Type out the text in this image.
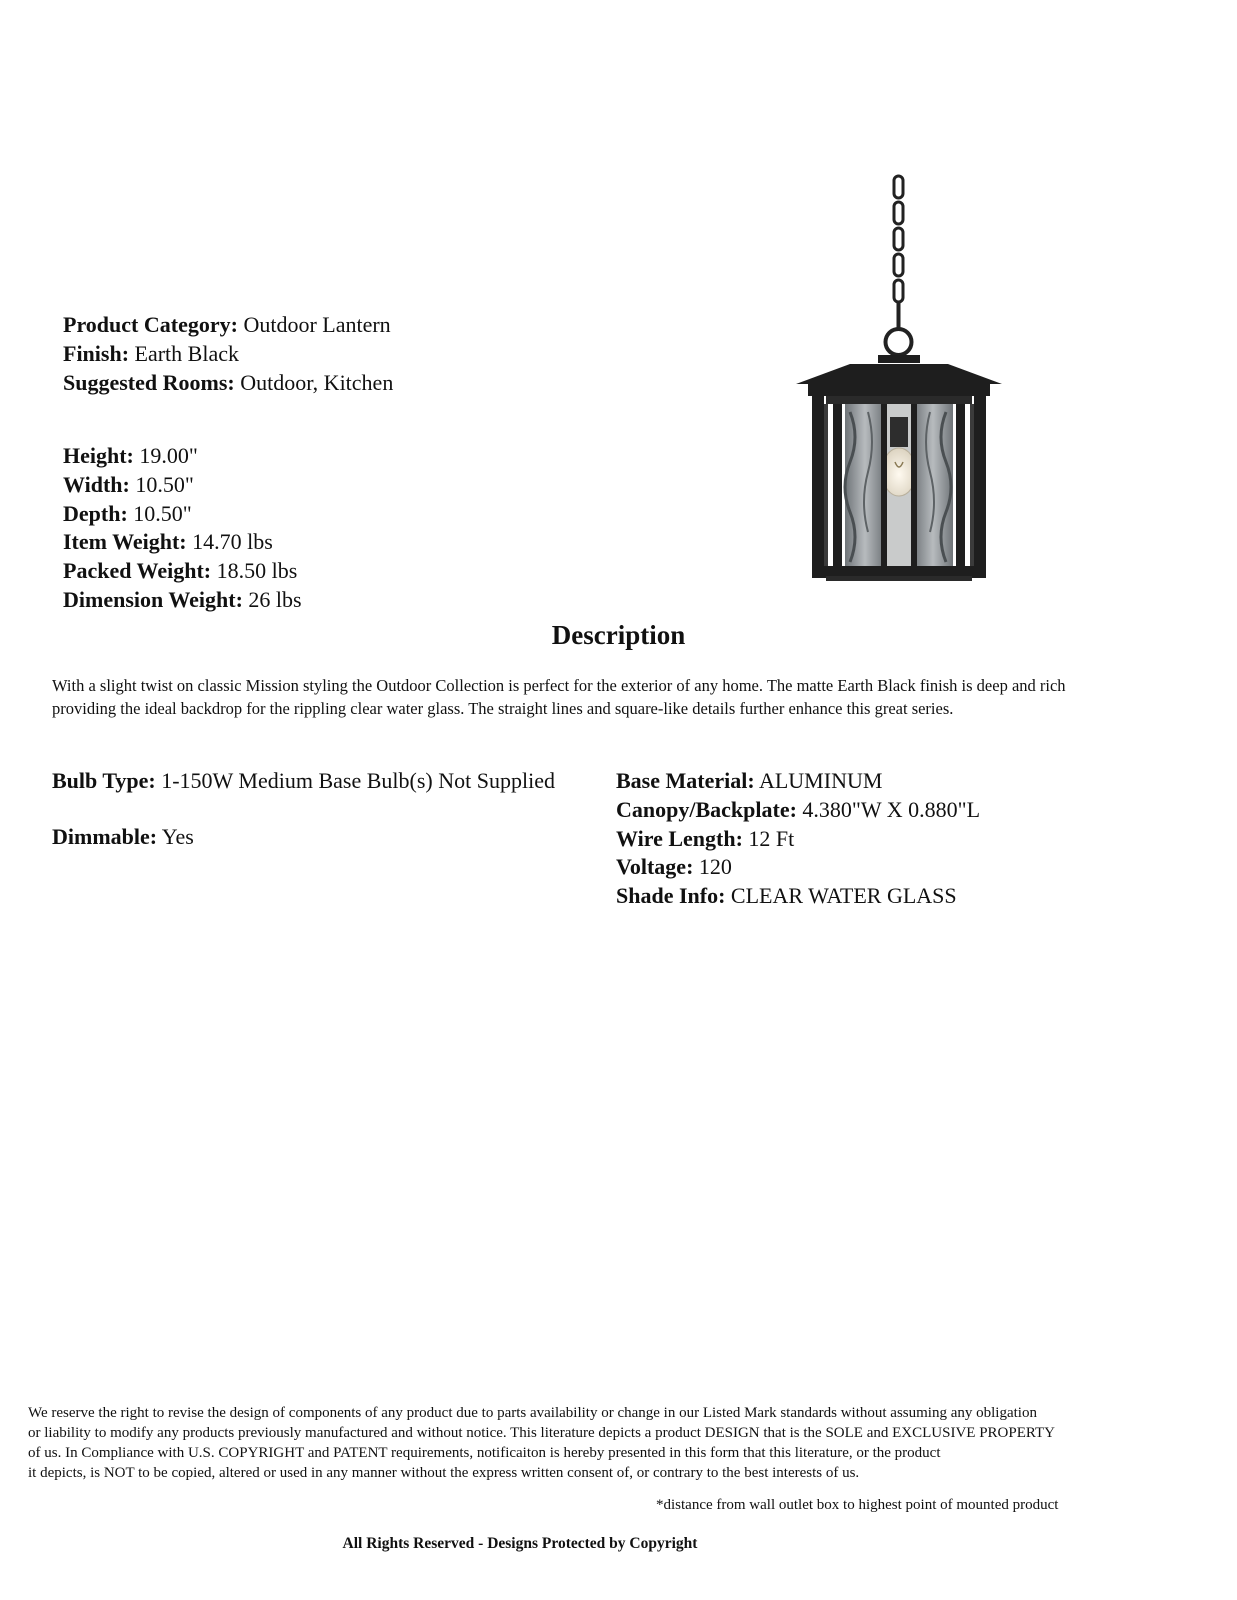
Product Category: Outdoor Lantern
Finish: Earth Black
Suggested Rooms: Outdoor, Kitchen
Height: 19.00"
Width: 10.50"
Depth: 10.50"
Item Weight: 14.70 lbs
Packed Weight: 18.50 lbs
Dimension Weight: 26 lbs
Description
With a slight twist on classic Mission styling the Outdoor Collection is perfect for the exterior of any home. The matte Earth Black finish is deep and rich providing the ideal backdrop for the rippling clear water glass. The straight lines and square-like details further enhance this great series.
Bulb Type: 1-150W Medium Base Bulb(s) Not Supplied
Dimmable: Yes
Base Material: ALUMINUM
Canopy/Backplate: 4.380"W X 0.880"L
Wire Length: 12 Ft
Voltage: 120
Shade Info: CLEAR WATER GLASS
We reserve the right to revise the design of components of any product due to parts availability or change in our Listed Mark standards without assuming any obligation
or liability to modify any products previously manufactured and without notice. This literature depicts a product DESIGN that is the SOLE and EXCLUSIVE PROPERTY
of us. In Compliance with U.S. COPYRIGHT and PATENT requirements, notificaiton is hereby presented in this form that this literature, or the product
it depicts, is NOT to be copied, altered or used in any manner without the express written consent of, or contrary to the best interests of us.
*distance from wall outlet box to highest point of mounted product
All Rights Reserved - Designs Protected by Copyright
